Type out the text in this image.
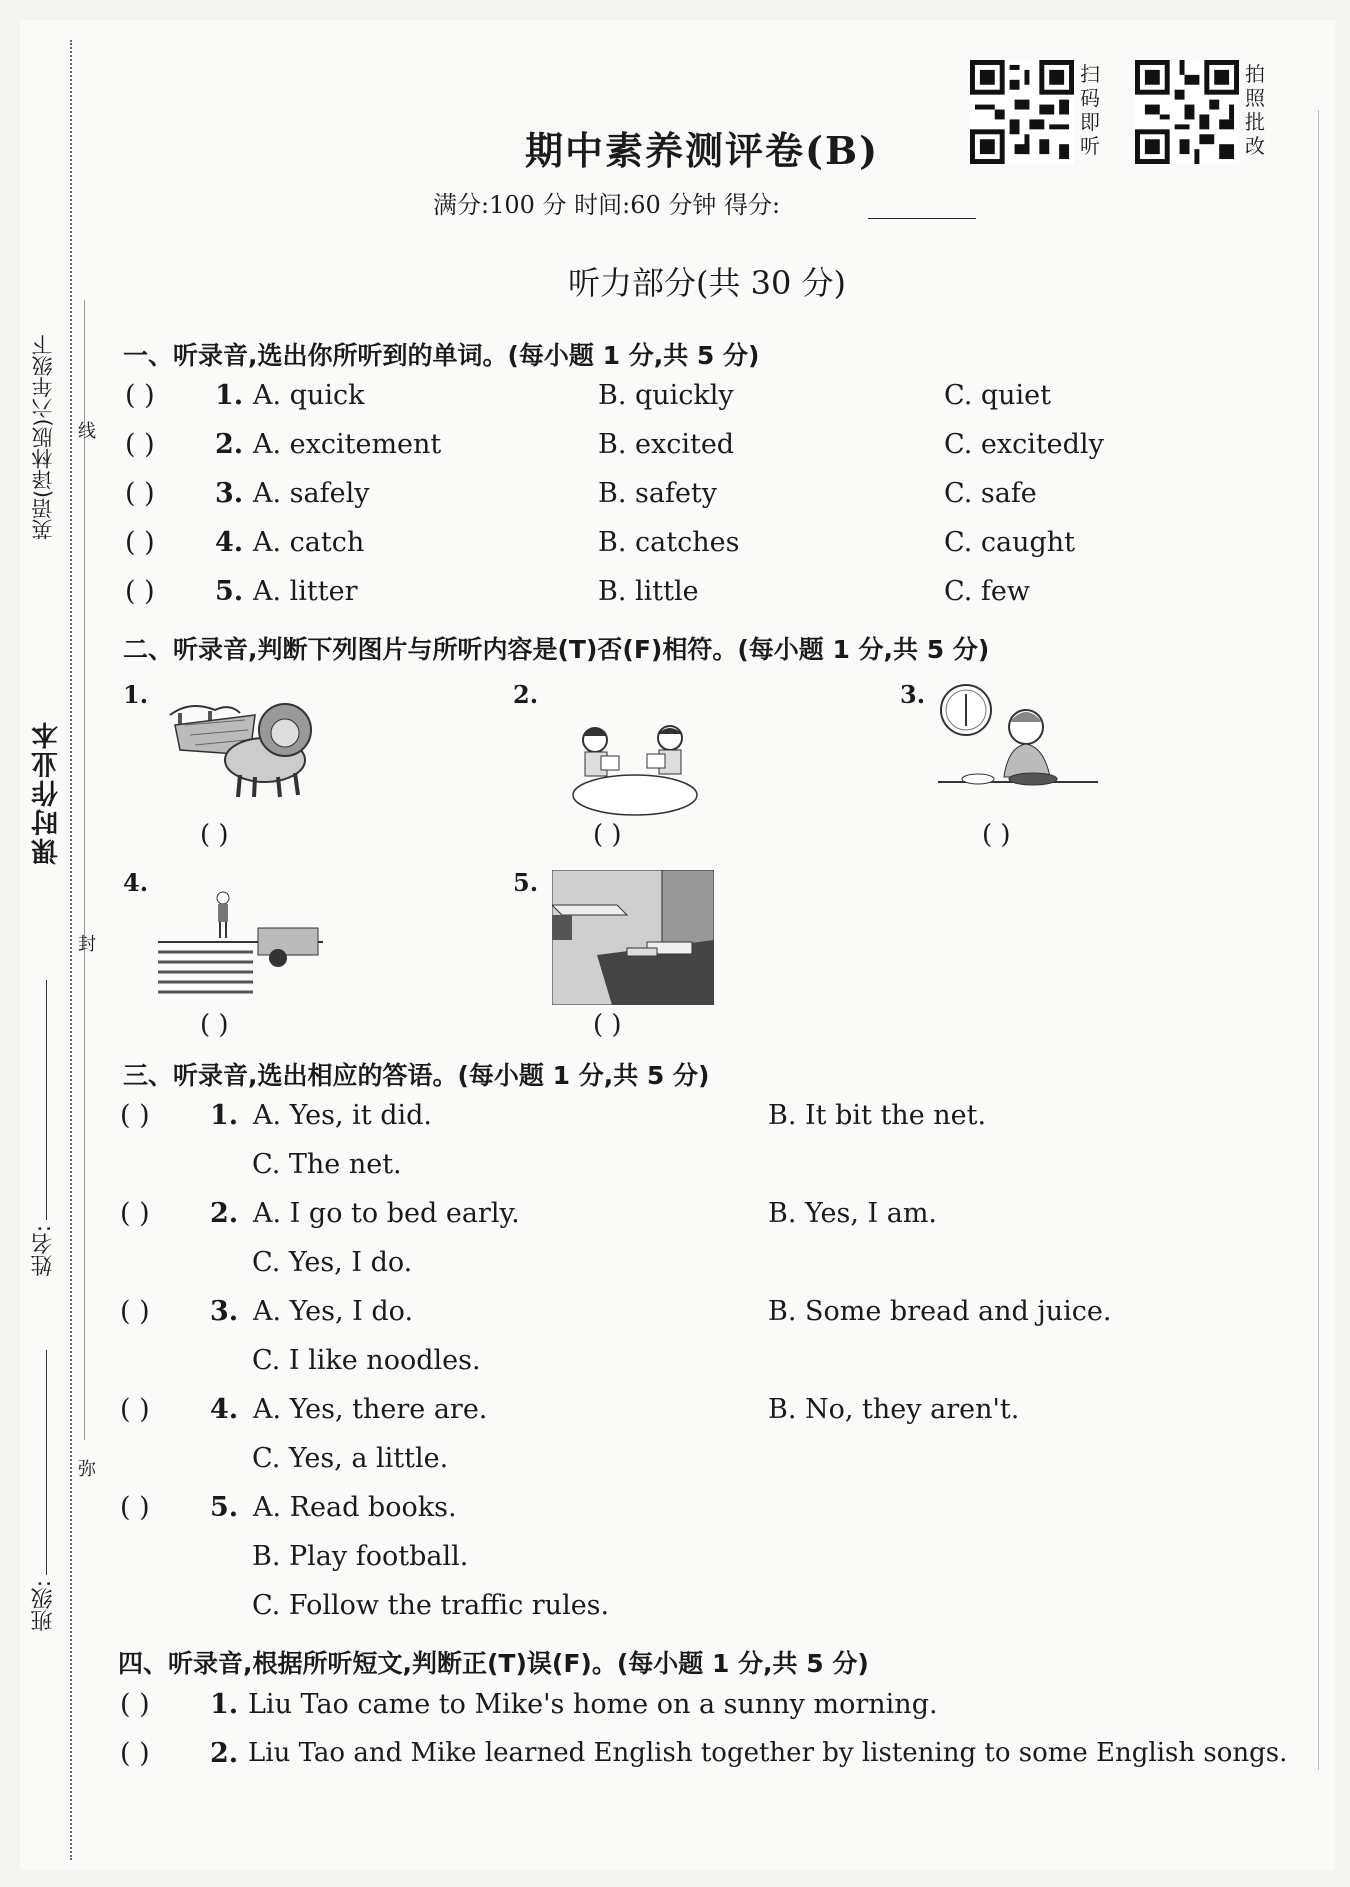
课时作业本
英语(译林版)六年级下 线
封
弥
姓名:
班级:
扫码即听
拍照批改
期中素养测评卷(B)
满分:100 分 时间:60 分钟 得分:
听力部分(共 30 分)
一、听录音,选出你所听到的单词。(每小题 1 分,共 5 分)
( ) 1. A. quick	B. quickly	C. quiet
( ) 2. A. excitement	B. excited	C. excitedly
( ) 3. A. safely	B. safety	C. safe
( ) 4. A. catch	B. catches	C. caught
( ) 5. A. litter	B. little	C. few
二、听录音,判断下列图片与所听内容是(T)否(F)相符。(每小题 1 分,共 5 分)
1.
( )
2.
( )
3.
( )
4.
( )
5.
( )
三、听录音,选出相应的答语。(每小题 1 分,共 5 分)
( ) 1. A. Yes, it did.	B. It bit the net.
C. The net.
( ) 2. A. I go to bed early.	B. Yes, I am.
C. Yes, I do.
( ) 3. A. Yes, I do.	B. Some bread and juice.
C. I like noodles.
( ) 4. A. Yes, there are.	B. No, they aren't.
C. Yes, a little.
( ) 5. A. Read books.
B. Play football.
C. Follow the traffic rules.
四、听录音,根据所听短文,判断正(T)误(F)。(每小题 1 分,共 5 分)
( ) 1. Liu Tao came to Mike's home on a sunny morning.
( ) 2. Liu Tao and Mike learned English together by listening to some English songs.
